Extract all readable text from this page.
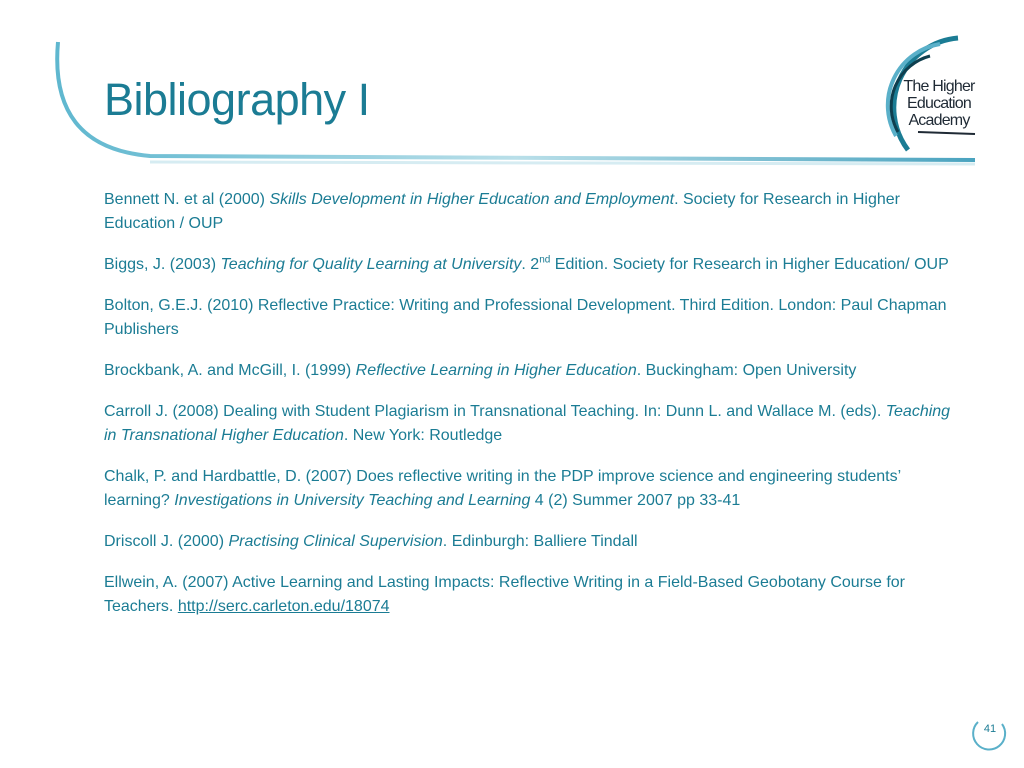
Bibliography I	The Higher
Education
Academy

Bennett N. et al (2000) Skills Development in Higher Education and Employment. Society for Research in Higher Education / OUP

Biggs, J. (2003) Teaching for Quality Learning at University. 2nd Edition. Society for Research in Higher Education/ OUP

Bolton, G.E.J. (2010) Reflective Practice: Writing and Professional Development. Third Edition. London: Paul Chapman Publishers

Brockbank, A. and McGill, I. (1999) Reflective Learning in Higher Education. Buckingham: Open University

Carroll J. (2008) Dealing with Student Plagiarism in Transnational Teaching. In: Dunn L. and Wallace M. (eds). Teaching in Transnational Higher Education. New York: Routledge

Chalk, P. and Hardbattle, D. (2007) Does reflective writing in the PDP improve science and engineering students’ learning? Investigations in University Teaching and Learning 4 (2) Summer 2007 pp 33-41

Driscoll J. (2000) Practising Clinical Supervision. Edinburgh: Balliere Tindall

Ellwein, A. (2007) Active Learning and Lasting Impacts: Reflective Writing in a Field-Based Geobotany Course for Teachers. http://serc.carleton.edu/18074

41
